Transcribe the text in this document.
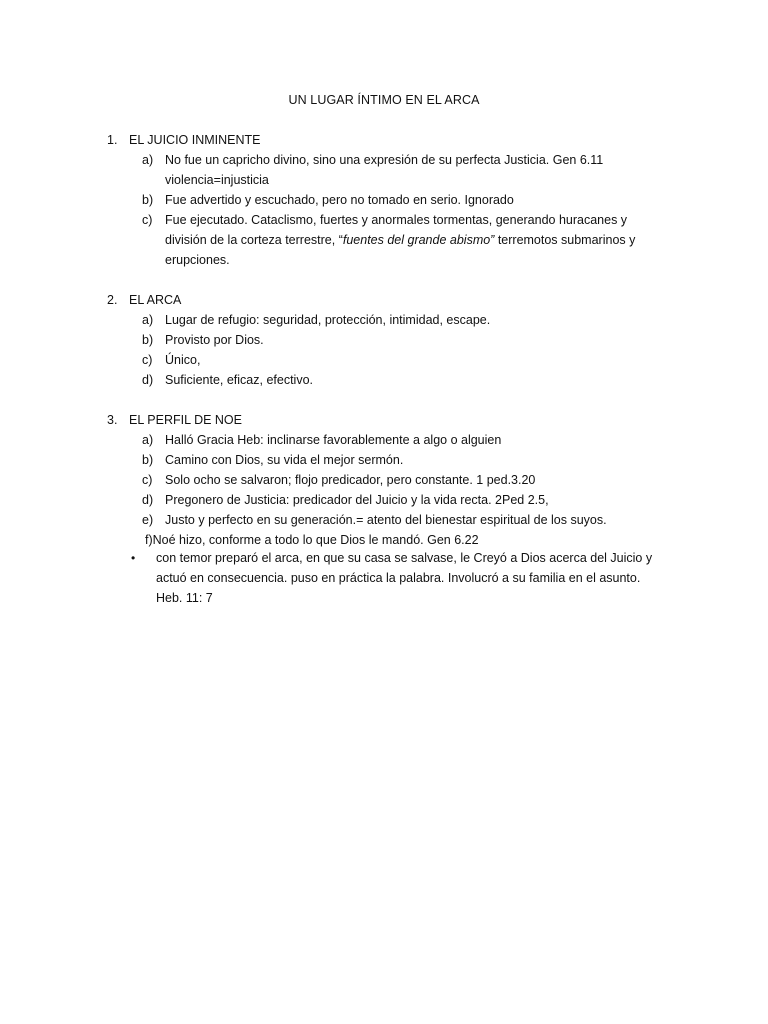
UN LUGAR ÍNTIMO EN EL ARCA
1. EL JUICIO INMINENTE
a) No fue un capricho divino, sino una expresión de su perfecta Justicia. Gen 6.11
violencia=injusticia
b) Fue advertido y escuchado, pero no tomado en serio. Ignorado
c) Fue ejecutado. Cataclismo, fuertes y anormales tormentas, generando huracanes y
división de la corteza terrestre, “fuentes del grande abismo” terremotos submarinos y
erupciones.
2. EL ARCA
a) Lugar de refugio: seguridad, protección, intimidad, escape.
b) Provisto por Dios.
c) Único,
d) Suficiente, eficaz, efectivo.
3. EL PERFIL DE NOE
a) Halló Gracia Heb: inclinarse favorablemente a algo o alguien
b) Camino con Dios, su vida el mejor sermón.
c) Solo ocho se salvaron; flojo predicador, pero constante. 1 ped.3.20
d) Pregonero de Justicia: predicador del Juicio y la vida recta. 2Ped 2.5,
e) Justo y perfecto en su generación.= atento del bienestar espiritual de los suyos.
f)Noé hizo, conforme a todo lo que Dios le mandó. Gen 6.22
• con temor preparó el arca, en que su casa se salvase, le Creyó a Dios acerca del Juicio y
actuó en consecuencia. puso en práctica la palabra. Involucró a su familia en el asunto.
Heb. 11: 7
